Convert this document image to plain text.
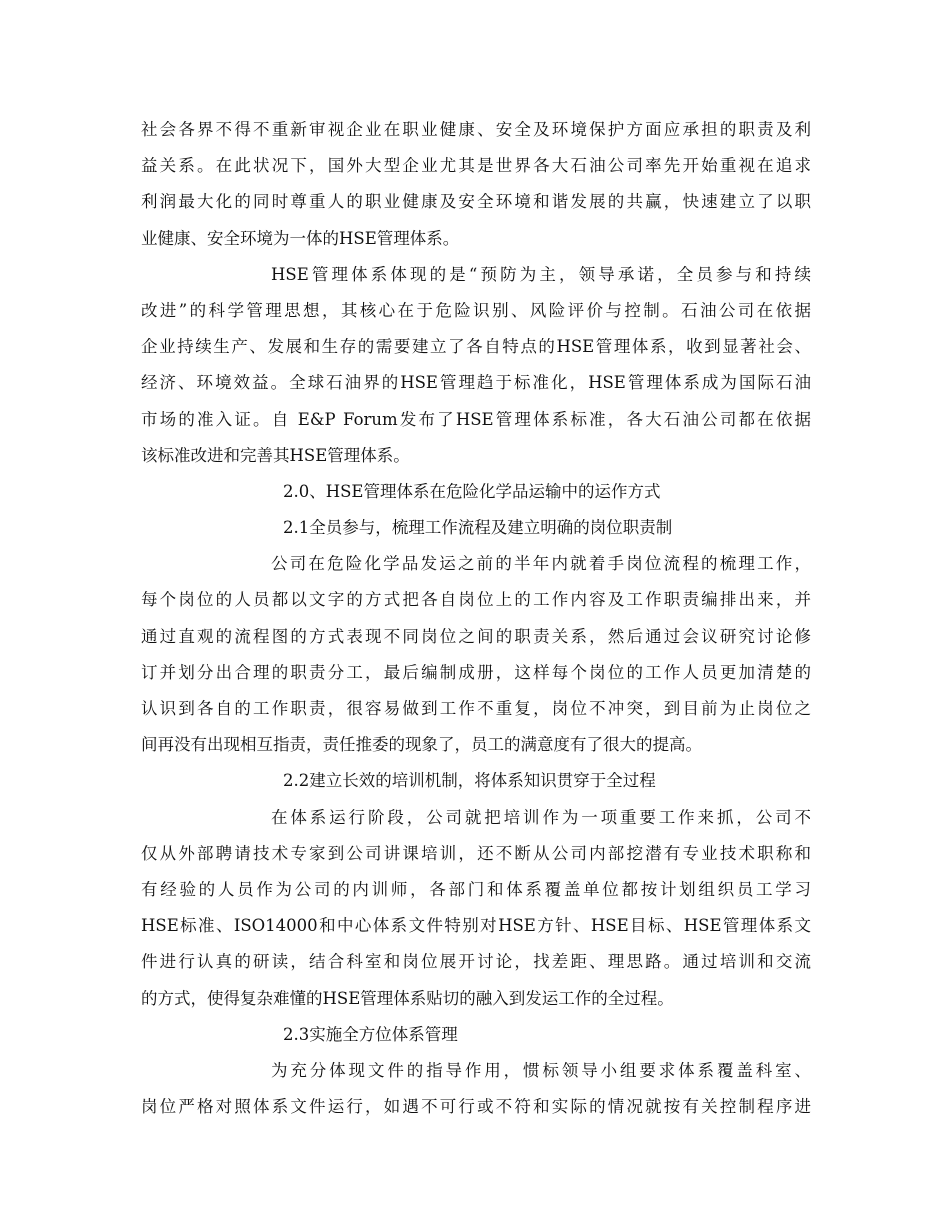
社会各界不得不重新审视企业在职业健康、安全及环境保护方面应承担的职责及利
益关系。在此状况下，国外大型企业尤其是世界各大石油公司率先开始重视在追求
利润最大化的同时尊重人的职业健康及安全环境和谐发展的共赢，快速建立了以职
业健康、安全环境为一体的HSE管理体系。
HSE管理体系体现的是“预防为主，领导承诺，全员参与和持续
改进”的科学管理思想，其核心在于危险识别、风险评价与控制。石油公司在依据
企业持续生产、发展和生存的需要建立了各自特点的HSE管理体系，收到显著社会、
经济、环境效益。全球石油界的HSE管理趋于标准化，HSE管理体系成为国际石油
市场的准入证。自 E&P Forum发布了HSE管理体系标准，各大石油公司都在依据
该标准改进和完善其HSE管理体系。
2.0、HSE管理体系在危险化学品运输中的运作方式
2.1全员参与，梳理工作流程及建立明确的岗位职责制
公司在危险化学品发运之前的半年内就着手岗位流程的梳理工作，
每个岗位的人员都以文字的方式把各自岗位上的工作内容及工作职责编排出来，并
通过直观的流程图的方式表现不同岗位之间的职责关系，然后通过会议研究讨论修
订并划分出合理的职责分工，最后编制成册，这样每个岗位的工作人员更加清楚的
认识到各自的工作职责，很容易做到工作不重复，岗位不冲突，到目前为止岗位之
间再没有出现相互指责，责任推委的现象了，员工的满意度有了很大的提高。
2.2建立长效的培训机制，将体系知识贯穿于全过程
在体系运行阶段，公司就把培训作为一项重要工作来抓，公司不
仅从外部聘请技术专家到公司讲课培训，还不断从公司内部挖潜有专业技术职称和
有经验的人员作为公司的内训师，各部门和体系覆盖单位都按计划组织员工学习
HSE标准、ISO14000和中心体系文件特别对HSE方针、HSE目标、HSE管理体系文
件进行认真的研读，结合科室和岗位展开讨论，找差距、理思路。通过培训和交流
的方式，使得复杂难懂的HSE管理体系贴切的融入到发运工作的全过程。
2.3实施全方位体系管理
为充分体现文件的指导作用，惯标领导小组要求体系覆盖科室、
岗位严格对照体系文件运行，如遇不可行或不符和实际的情况就按有关控制程序进
